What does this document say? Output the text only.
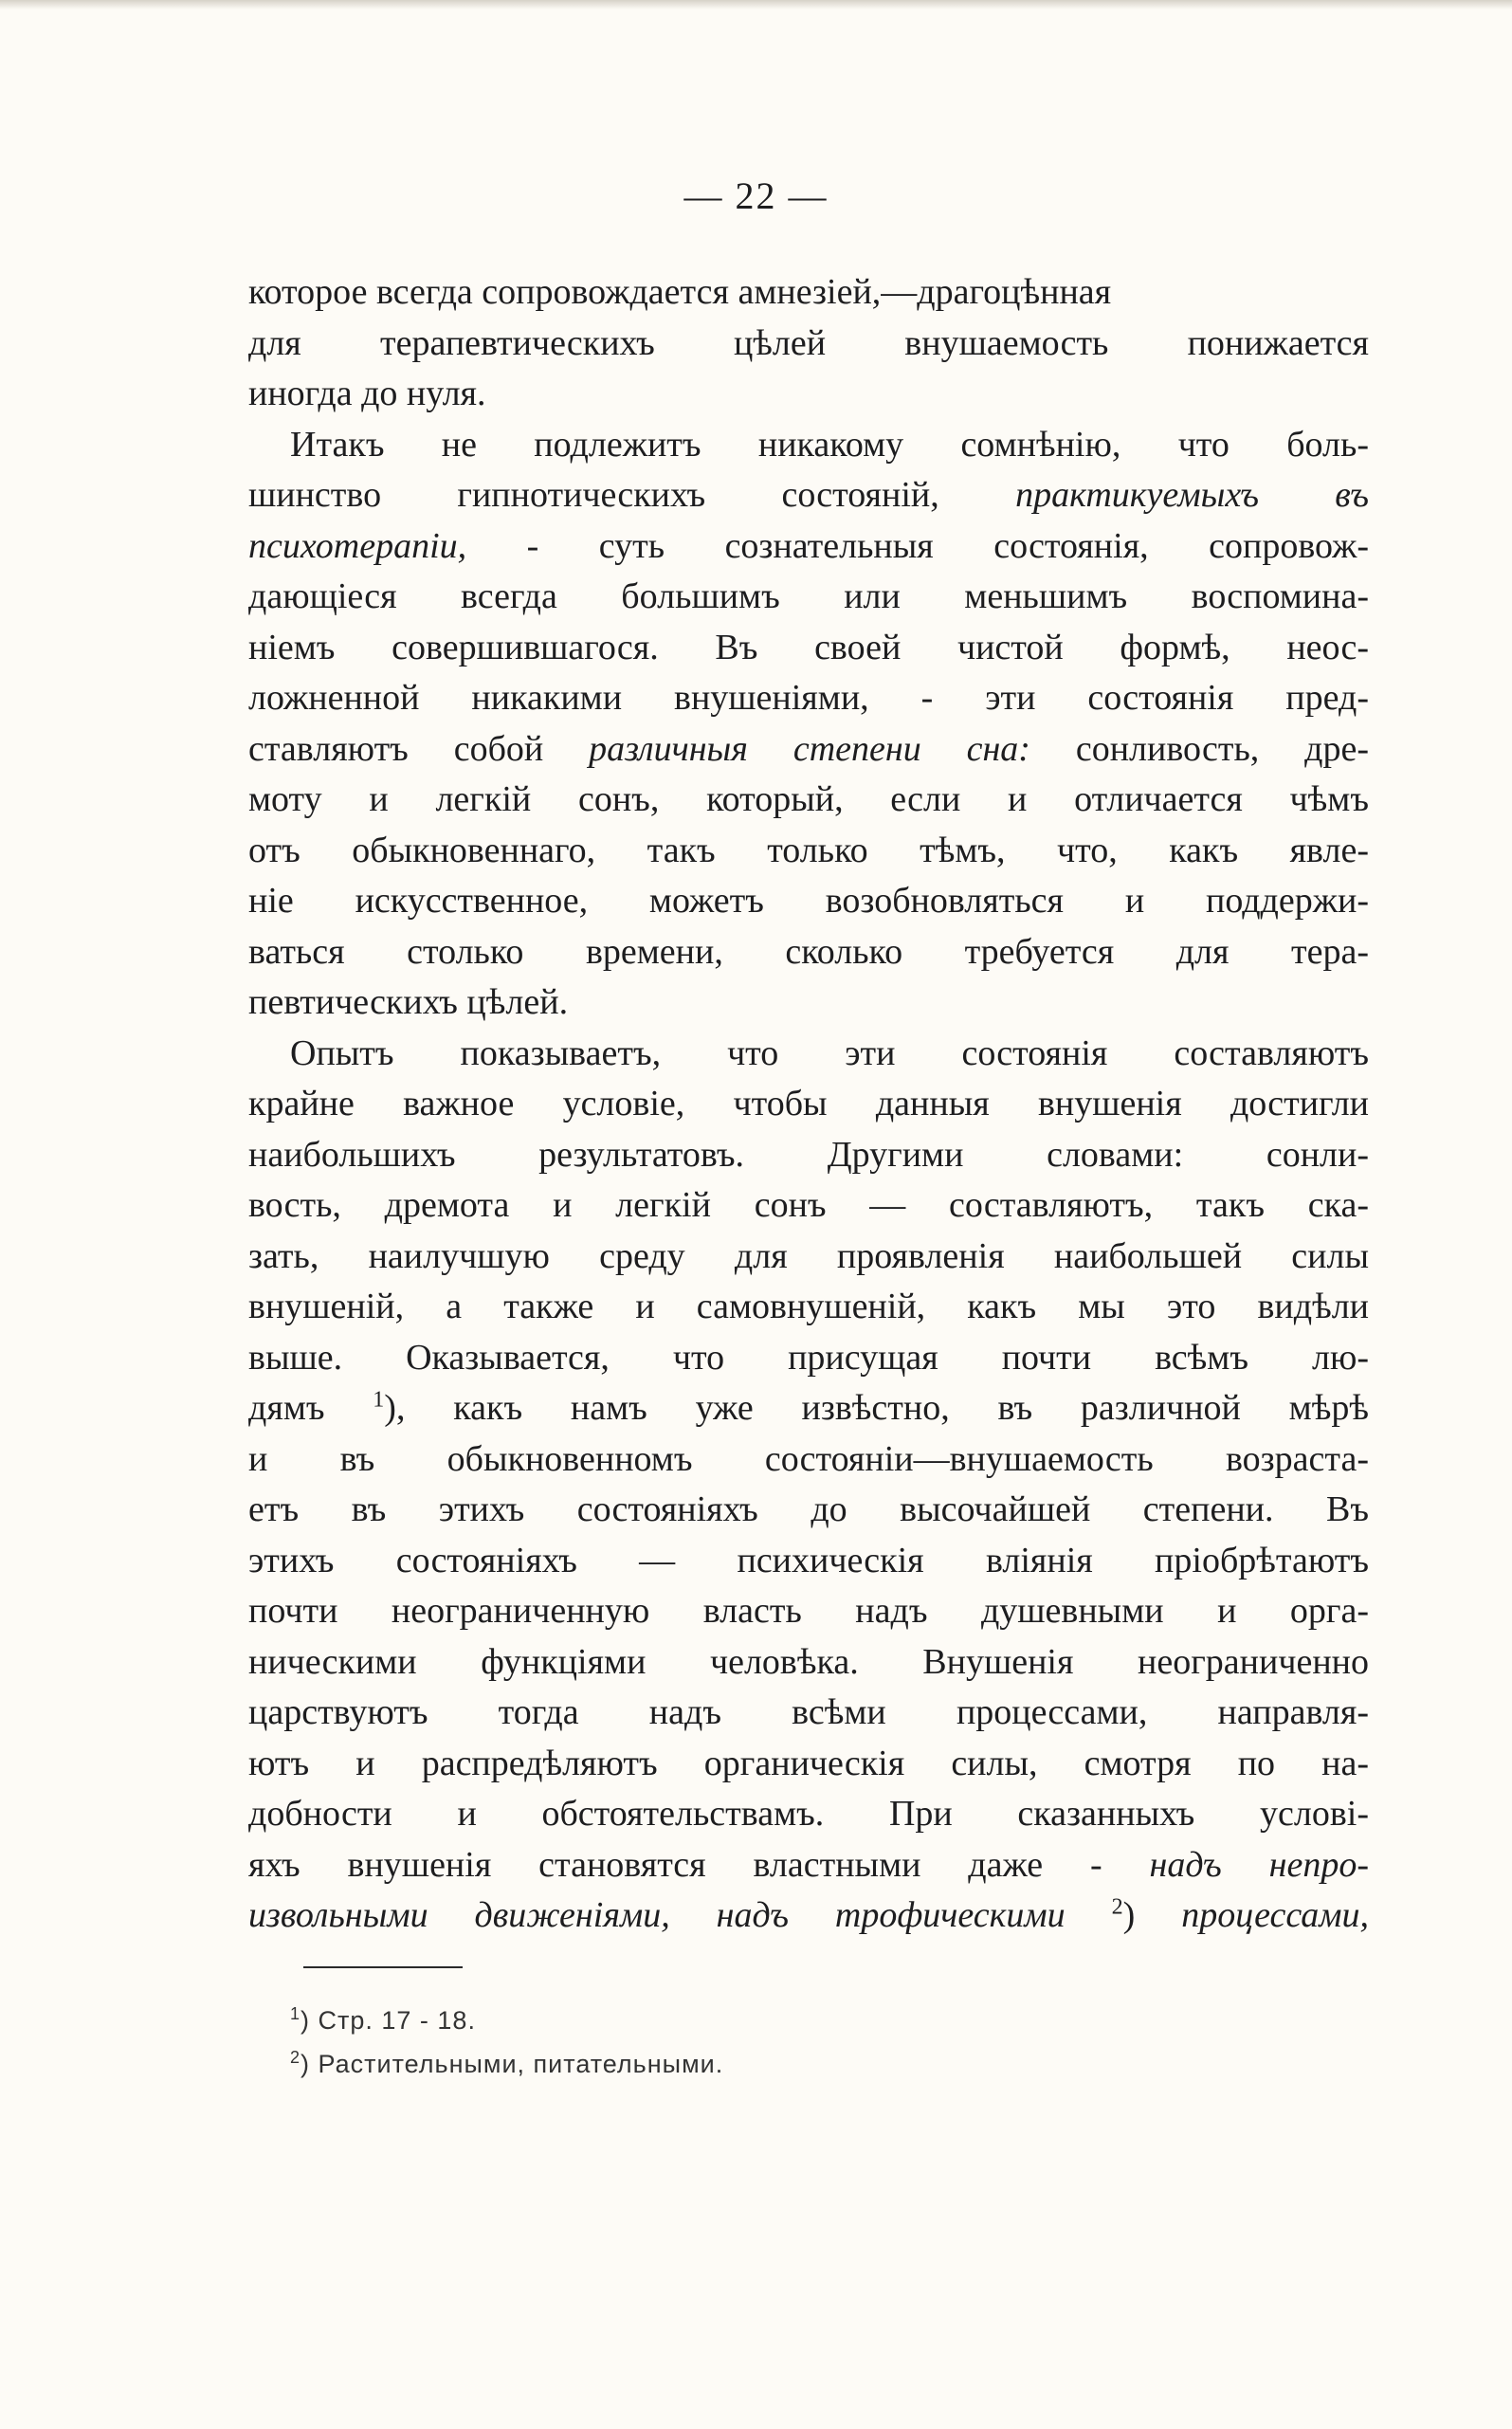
— 22 —
которое всегда сопровождается амнезіей,—драгоцѣнная
для терапевтическихъ цѣлей внушаемость понижается
иногда до нуля.
Итакъ не подлежитъ никакому сомнѣнію, что боль-
шинство гипнотическихъ состояній, практикуемыхъ въ
психотерапіи, - суть сознательныя состоянія, сопровож-
дающіеся всегда большимъ или меньшимъ воспомина-
ніемъ совершившагося. Въ своей чистой формѣ, неос-
ложненной никакими внушеніями, - эти состоянія пред-
ставляютъ собой различныя степени сна: сонливость, дре-
моту и легкій сонъ, который, если и отличается чѣмъ
отъ обыкновеннаго, такъ только тѣмъ, что, какъ явле-
ніе искусственное, можетъ возобновляться и поддержи-
ваться столько времени, сколько требуется для тера-
певтическихъ цѣлей.
Опытъ показываетъ, что эти состоянія составляютъ
крайне важное условіе, чтобы данныя внушенія достигли
наибольшихъ результатовъ. Другими словами: сонли-
вость, дремота и легкій сонъ — составляютъ, такъ ска-
зать, наилучшую среду для проявленія наибольшей силы
внушеній, а также и самовнушеній, какъ мы это видѣли
выше. Оказывается, что присущая почти всѣмъ лю-
дямъ $^1$), какъ намъ уже извѣстно, въ различной мѣрѣ
и въ обыкновенномъ состояніи—внушаемость возраста-
етъ въ этихъ состояніяхъ до высочайшей степени. Въ
этихъ состояніяхъ — психическія вліянія пріобрѣтаютъ
почти неограниченную власть надъ душевными и орга-
ническими функціями человѣка. Внушенія неограниченно
царствуютъ тогда надъ всѣми процессами, направля-
ютъ и распредѣляютъ органическія силы, смотря по на-
добности и обстоятельствамъ. При сказанныхъ услові-
яхъ внушенія становятся властными даже - надъ непро-
извольными движеніями, надъ трофическими $^2$) процессами,
$^1$) Стр. 17 - 18.
$^2$) Растительными, питательными.
